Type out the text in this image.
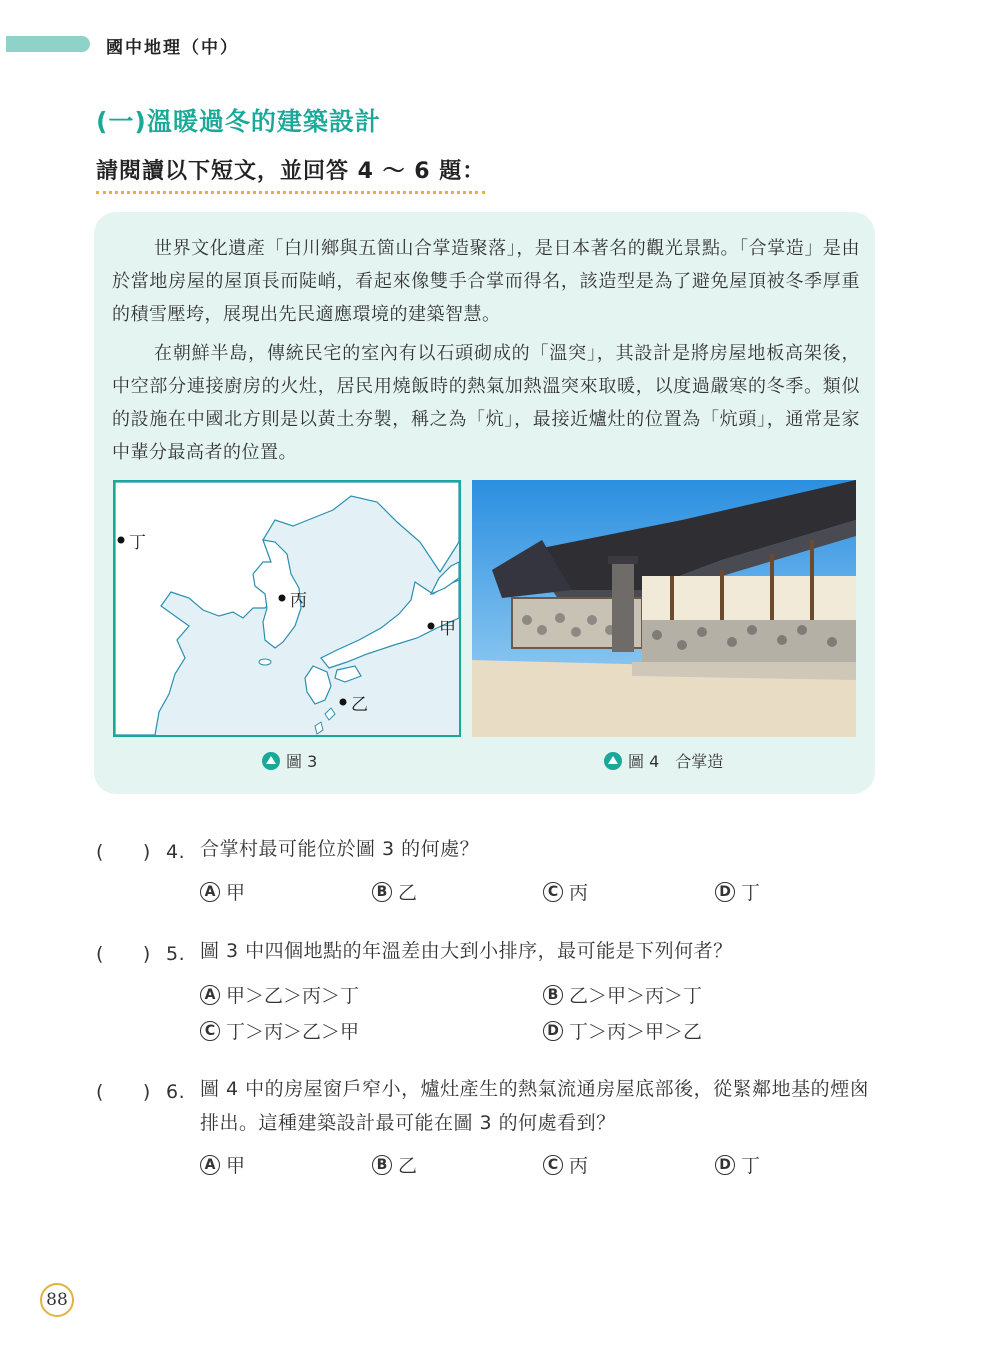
國中地理（中）
(一)溫暖過冬的建築設計
請閱讀以下短文，並回答 4 ～ 6 題：
世界文化遺產「白川鄉與五箇山合掌造聚落」，是日本著名的觀光景點。「合掌造」是由於當地房屋的屋頂長而陡峭，看起來像雙手合掌而得名，該造型是為了避免屋頂被冬季厚重的積雪壓垮，展現出先民適應環境的建築智慧。
在朝鮮半島，傳統民宅的室內有以石頭砌成的「溫突」，其設計是將房屋地板高架後，中空部分連接廚房的火灶，居民用燒飯時的熱氣加熱溫突來取暖，以度過嚴寒的冬季。類似的設施在中國北方則是以黃土夯製，稱之為「炕」，最接近爐灶的位置為「炕頭」，通常是家中輩分最高者的位置。
丁
丙
甲
乙
圖 3	圖 4　合掌造
(　　) 4. 合掌村最可能位於圖 3 的何處？
A 甲	B 乙	C 丙	D 丁
(　　) 5. 圖 3 中四個地點的年溫差由大到小排序，最可能是下列何者？
A 甲＞乙＞丙＞丁	B 乙＞甲＞丙＞丁
C 丁＞丙＞乙＞甲	D 丁＞丙＞甲＞乙
(　　) 6. 圖 4 中的房屋窗戶窄小，爐灶產生的熱氣流通房屋底部後，從緊鄰地基的煙囪排出。這種建築設計最可能在圖 3 的何處看到？
A 甲	B 乙	C 丙	D 丁
88
